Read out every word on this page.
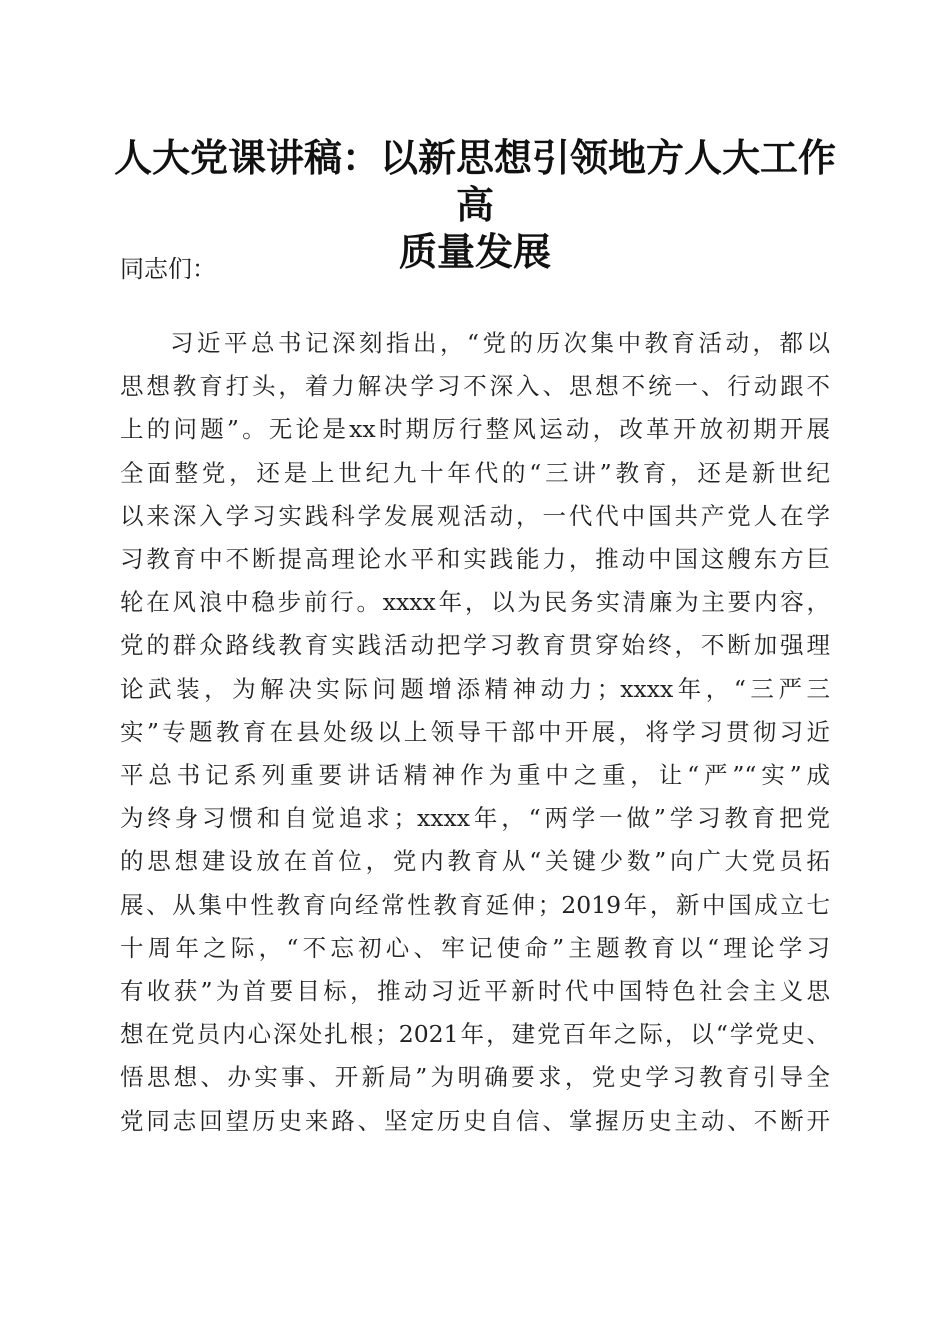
人大党课讲稿：以新思想引领地方人大工作高
质量发展

同志们：

习近平总书记深刻指出，“党的历次集中教育活动，都以
思想教育打头，着力解决学习不深入、思想不统一、行动跟不
上的问题”。无论是xx时期厉行整风运动，改革开放初期开展
全面整党，还是上世纪九十年代的“三讲”教育，还是新世纪
以来深入学习实践科学发展观活动，一代代中国共产党人在学
习教育中不断提高理论水平和实践能力，推动中国这艘东方巨
轮在风浪中稳步前行。xxxx年，以为民务实清廉为主要内容，
党的群众路线教育实践活动把学习教育贯穿始终，不断加强理
论武装，为解决实际问题增添精神动力；xxxx年，“三严三
实”专题教育在县处级以上领导干部中开展，将学习贯彻习近
平总书记系列重要讲话精神作为重中之重，让“严”“实”成
为终身习惯和自觉追求；xxxx年，“两学一做”学习教育把党
的思想建设放在首位，党内教育从“关键少数”向广大党员拓
展、从集中性教育向经常性教育延伸；2019年，新中国成立七
十周年之际，“不忘初心、牢记使命”主题教育以“理论学习
有收获”为首要目标，推动习近平新时代中国特色社会主义思
想在党员内心深处扎根；2021年，建党百年之际，以“学党史、
悟思想、办实事、开新局”为明确要求，党史学习教育引导全
党同志回望历史来路、坚定历史自信、掌握历史主动、不断开
